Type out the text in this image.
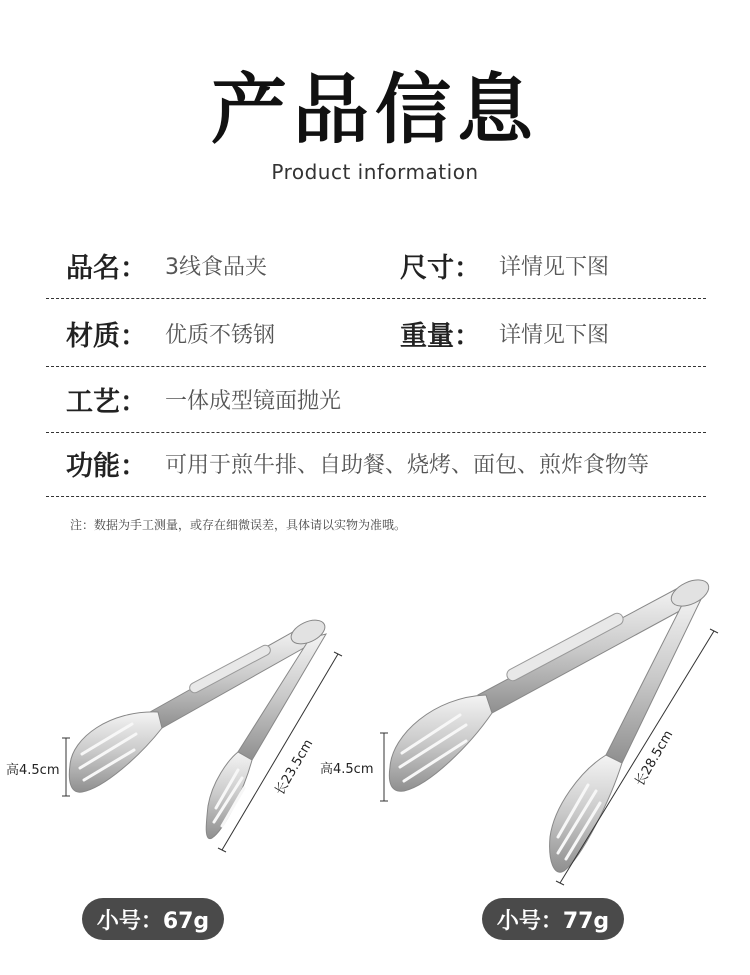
产品信息
Product information
品名： 3线食品夹	尺寸： 详情见下图
材质： 优质不锈钢	重量： 详情见下图
工艺： 一体成型镜面抛光
功能： 可用于煎牛排、自助餐、烧烤、面包、煎炸食物等
注：数据为手工测量，或存在细微误差，具体请以实物为准哦。
高4.5cm	长23.5cm 高4.5cm	长28.5cm
小号：67g	小号：77g
